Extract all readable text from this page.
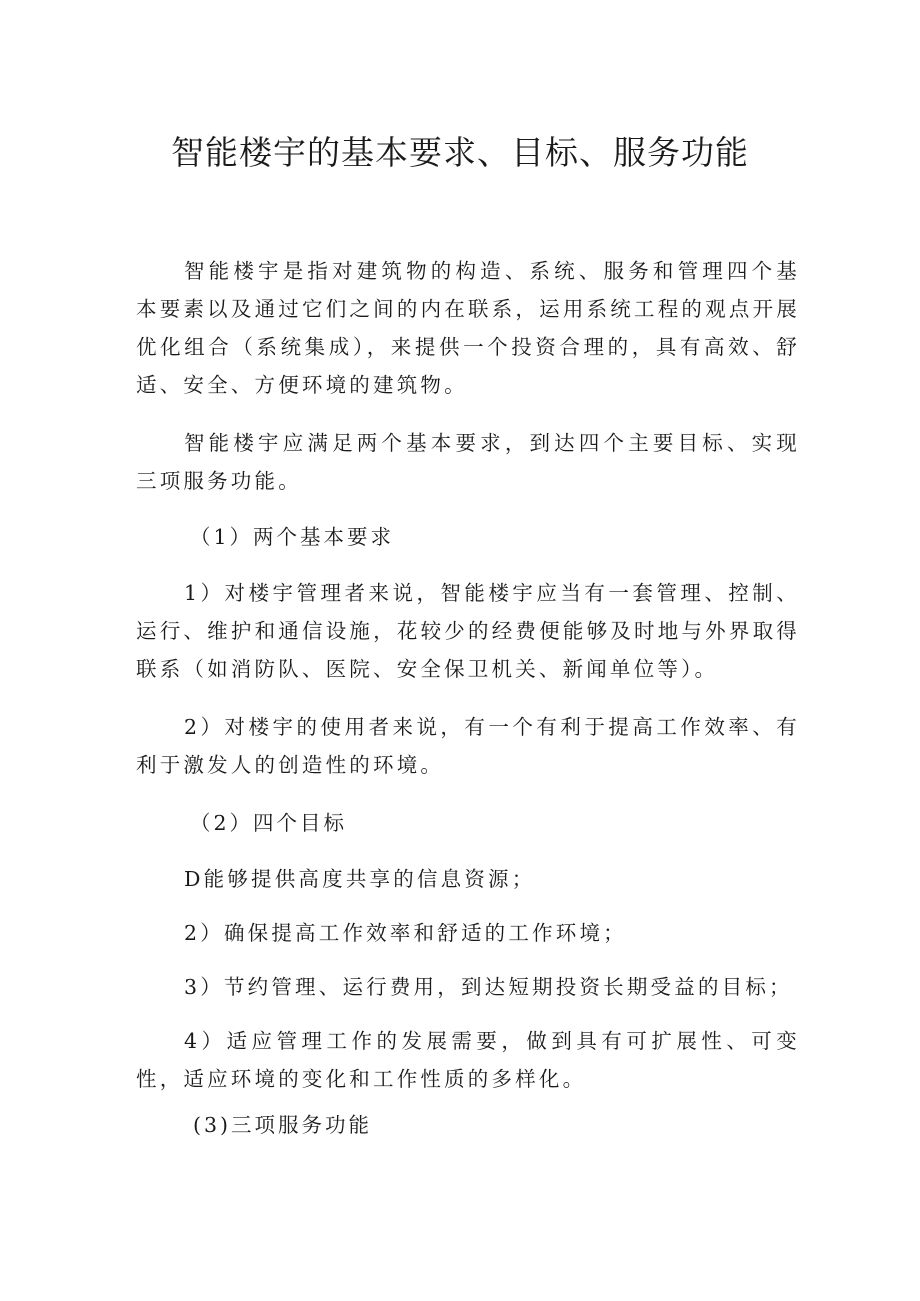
智能楼宇的基本要求、目标、服务功能

智能楼宇是指对建筑物的构造、系统、服务和管理四个基本要素以及通过它们之间的内在联系，运用系统工程的观点开展优化组合（系统集成），来提供一个投资合理的，具有高效、舒适、安全、方便环境的建筑物。

智能楼宇应满足两个基本要求，到达四个主要目标、实现三项服务功能。

（1）两个基本要求

1）对楼宇管理者来说，智能楼宇应当有一套管理、控制、运行、维护和通信设施，花较少的经费便能够及时地与外界取得联系（如消防队、医院、安全保卫机关、新闻单位等）。

2）对楼宇的使用者来说，有一个有利于提高工作效率、有利于激发人的创造性的环境。

（2）四个目标

D能够提供高度共享的信息资源；

2）确保提高工作效率和舒适的工作环境；

3）节约管理、运行费用，到达短期投资长期受益的目标；

4）适应管理工作的发展需要，做到具有可扩展性、可变性，适应环境的变化和工作性质的多样化。

(3)三项服务功能
